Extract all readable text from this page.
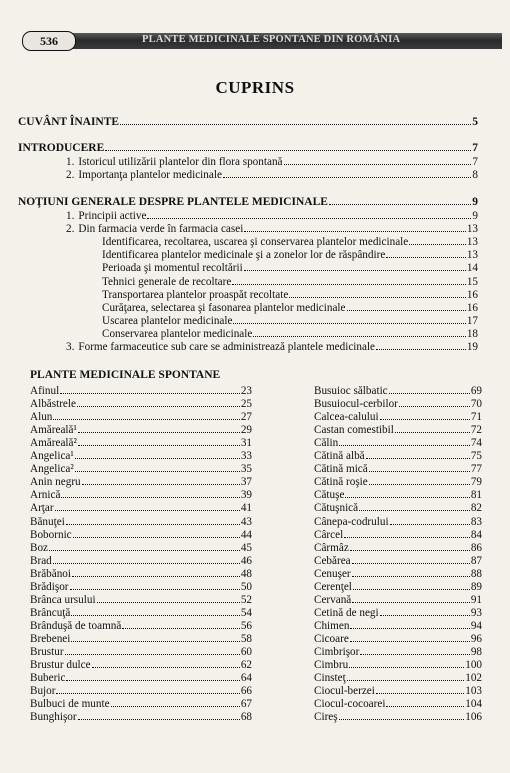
536	PLANTE MEDICINALE SPONTANE DIN ROMÂNIA
CUPRINS
CUVÂNT ÎNAINTE	5
INTRODUCERE	7
1. Istoricul utilizării plantelor din flora spontană	7
2. Importanţa plantelor medicinale	8
NOŢIUNI GENERALE DESPRE PLANTELE MEDICINALE	9
1. Principii active	9
2. Din farmacia verde în farmacia casei	13
Identificarea, recoltarea, uscarea şi conservarea plantelor medicinale	13
Identificarea plantelor medicinale şi a zonelor lor de răspândire	13
Perioada şi momentul recoltării	14
Tehnici generale de recoltare	15
Transportarea plantelor proaspăt recoltate	16
Curăţarea, selectarea şi fasonarea plantelor medicinale	16
Uscarea plantelor medicinale	17
Conservarea plantelor medicinale	18
3. Forme farmaceutice sub care se administrează plantele medicinale	19
PLANTE MEDICINALE SPONTANE
Afinul	23
Albăstrele	25
Alun	27
Amăreală¹	29
Amăreală²	31
Angelica¹	33
Angelica²	35
Anin negru	37
Arnică	39
Arţar	41
Bănuţei	43
Bobornic	44
Boz	45
Brad	46
Brăbănoi	48
Brădişor	50
Brânca ursului	52
Brâncuţă	54
Brânduşă de toamnă	56
Brebenei	58
Brustur	60
Brustur dulce	62
Buberic	64
Bujor	66
Bulbuci de munte	67
Bunghişor	68
Busuioc sălbatic	69
Busuiocul-cerbilor	70
Calcea-calului	71
Castan comestibil	72
Călin	74
Cătină albă	75
Cătină mică	77
Cătină roşie	79
Cătuşe	81
Cătuşnică	82
Cânepa-codrului	83
Cârcel	84
Cârmâz	86
Cebărea	87
Cenuşer	88
Cerenţel	89
Cervană	91
Cetină de negi	93
Chimen	94
Cicoare	96
Cimbrişor	98
Cimbru	100
Cinsteţ	102
Ciocul-berzei	103
Ciocul-cocoarei	104
Cireş	106
